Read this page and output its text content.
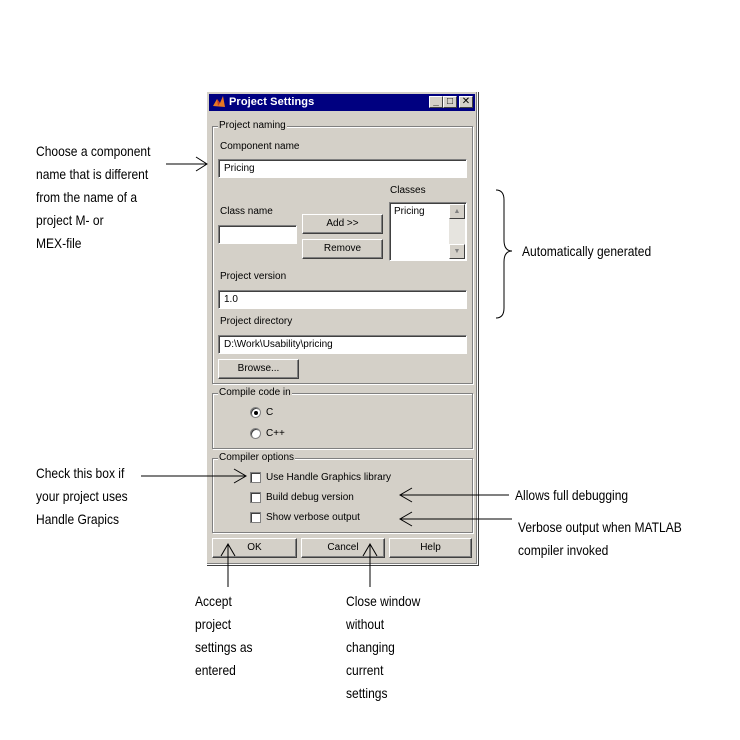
Project Settings	_ □ ✕
Project naming
Component name
Pricing
Classes
Class name
Add >>
Remove
Pricing	▲
▼
Project version
1.0
Project directory
D:\Work\Usability\pricing
Browse...
Compile code in
C
C++
Compiler options
Use Handle Graphics library
Build debug version
Show verbose output
OK	Cancel	Help
Choose a component
name that is different
from the name of a
project M- or
MEX-file	Automatically generated
Check this box if
your project uses
Handle Grapics
Allows full debugging
Verbose output when MATLAB
compiler invoked
Accept
project
settings as
entered
Close window
without
changing
current
settings
